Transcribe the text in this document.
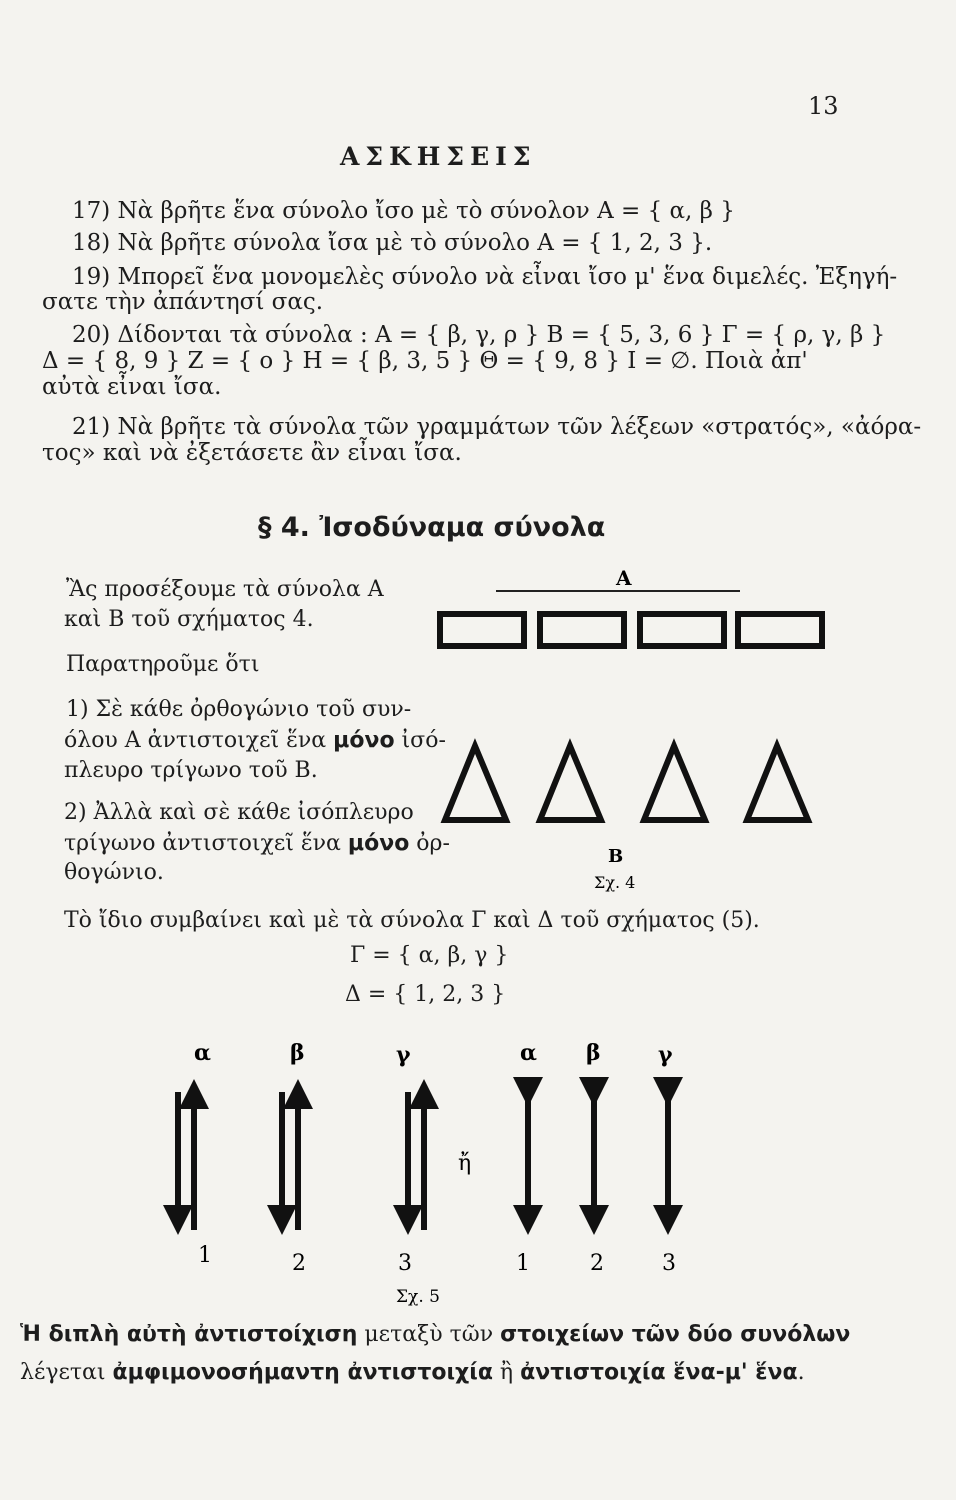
13
ΑΣΚΗΣΕΙΣ
17) Νὰ βρῆτε ἕνα σύνολο ἴσο μὲ τὸ σύνολον Α = { α, β }
18) Νὰ βρῆτε σύνολα ἴσα μὲ τὸ σύνολο Α = { 1, 2, 3 }.
19) Μπορεῖ ἕνα μονομελὲς σύνολο νὰ εἶναι ἴσο μ' ἕνα διμελές. Ἐξηγή-
σατε τὴν ἀπάντησί σας.
20) Δίδονται τὰ σύνολα : Α = { β, γ, ρ } Β = { 5, 3, 6 } Γ = { ρ, γ, β }
Δ = { 8, 9 } Ζ = { ο } Η = { β, 3, 5 } Θ = { 9, 8 } Ι = ∅. Ποιὰ ἀπ'
αὐτὰ εἶναι ἴσα.
21) Νὰ βρῆτε τὰ σύνολα τῶν γραμμάτων τῶν λέξεων «στρατός», «ἀόρα-
τος» καὶ νὰ ἐξετάσετε ἂν εἶναι ἴσα.
§ 4. Ἰσοδύναμα σύνολα
Ἂς προσέξουμε τὰ σύνολα Α
καὶ Β τοῦ σχήματος 4.
Παρατηροῦμε ὅτι
1) Σὲ κάθε ὀρθογώνιο τοῦ συν-
όλου Α ἀντιστοιχεῖ ἕνα μόνο ἰσό-
πλευρο τρίγωνο τοῦ Β.
2) Ἀλλὰ καὶ σὲ κάθε ἰσόπλευρο
τρίγωνο ἀντιστοιχεῖ ἕνα μόνο ὀρ-
θογώνιο.
Α
Β
Σχ. 4
Τὸ ἴδιο συμβαίνει καὶ μὲ τὰ σύνολα Γ καὶ Δ τοῦ σχήματος (5).
Γ = { α, β, γ }
Δ = { 1, 2, 3 }
α	β	γ	α β	γ
ἤ
1	2	3	1	2	3
Σχ. 5
Ἡ διπλὴ αὐτὴ ἀντιστοίχιση μεταξὺ τῶν στοιχείων τῶν δύο συνόλων
λέγεται ἀμφιμονοσήμαντη ἀντιστοιχία ἢ ἀντιστοιχία ἕνα-μ' ἕνα.
